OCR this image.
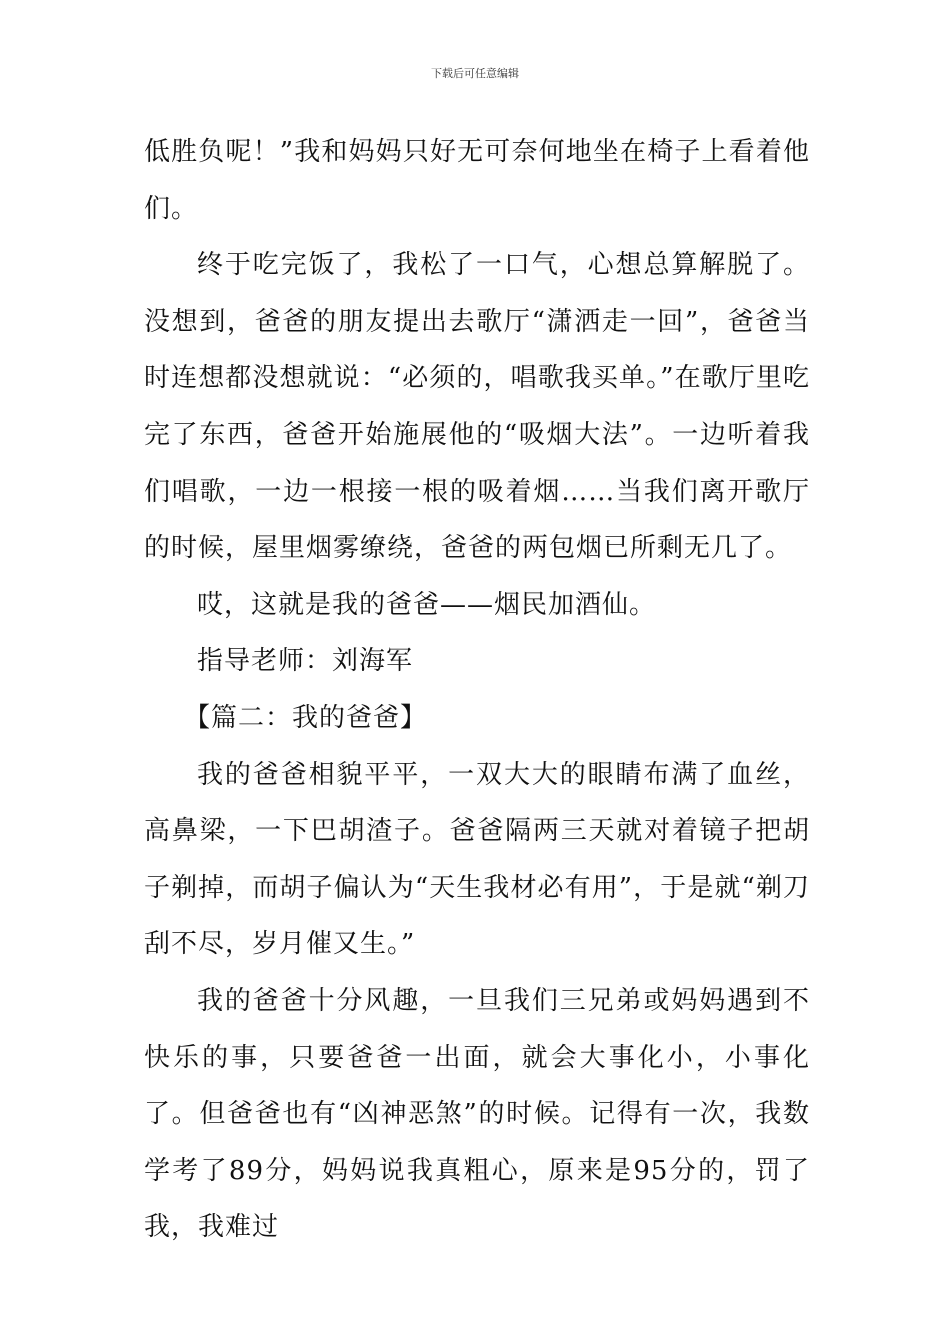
下载后可任意编辑

低胜负呢！”我和妈妈只好无可奈何地坐在椅子上看着他们。

终于吃完饭了，我松了一口气，心想总算解脱了。没想到，爸爸的朋友提出去歌厅“潇洒走一回”，爸爸当时连想都没想就说：“必须的，唱歌我买单。”在歌厅里吃完了东西，爸爸开始施展他的“吸烟大法”。一边听着我们唱歌，一边一根接一根的吸着烟……当我们离开歌厅的时候，屋里烟雾缭绕，爸爸的两包烟已所剩无几了。

哎，这就是我的爸爸——烟民加酒仙。

指导老师：刘海军

【篇二：我的爸爸】

我的爸爸相貌平平，一双大大的眼睛布满了血丝，高鼻梁，一下巴胡渣子。爸爸隔两三天就对着镜子把胡子剃掉，而胡子偏认为“天生我材必有用”，于是就“剃刀刮不尽，岁月催又生。”

我的爸爸十分风趣，一旦我们三兄弟或妈妈遇到不快乐的事，只要爸爸一出面，就会大事化小，小事化了。但爸爸也有“凶神恶煞”的时候。记得有一次，我数学考了89分，妈妈说我真粗心，原来是95分的，罚了我，我难过
